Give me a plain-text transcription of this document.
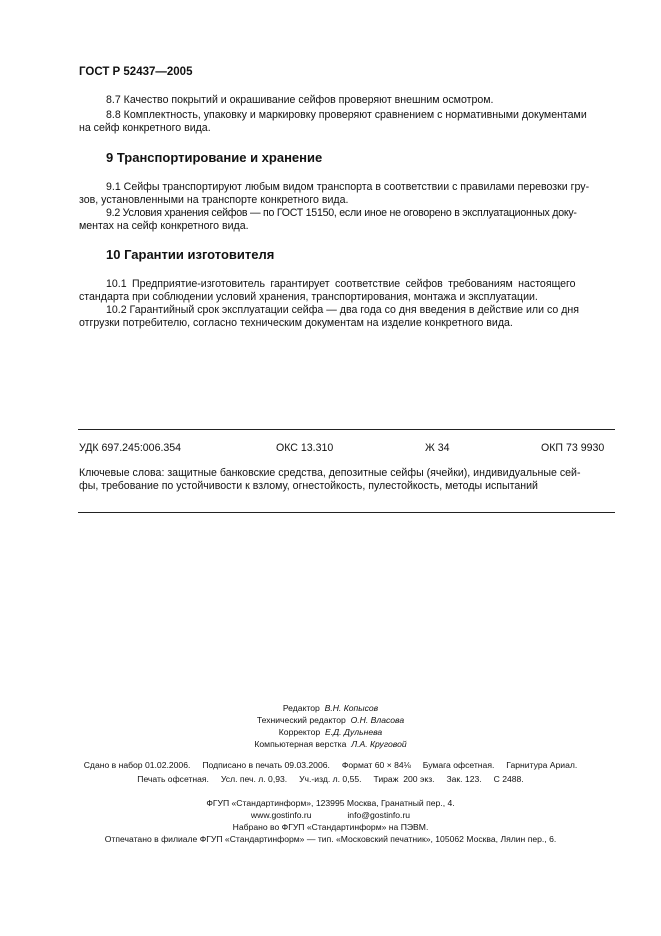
ГОСТ Р 52437—2005
8.7 Качество покрытий и окрашивание сейфов проверяют внешним осмотром.
8.8 Комплектность, упаковку и маркировку проверяют сравнением с нормативными документами
на сейф конкретного вида.
9 Транспортирование и хранение
9.1 Сейфы транспортируют любым видом транспорта в соответствии с правилами перевозки гру-
зов, установленными на транспорте конкретного вида.
9.2 Условия хранения сейфов — по ГОСТ 15150, если иное не оговорено в эксплуатационных доку-
ментах на сейф конкретного вида.
10 Гарантии изготовителя
10.1 Предприятие-изготовитель гарантирует соответствие сейфов требованиям настоящего
стандарта при соблюдении условий хранения, транспортирования, монтажа и эксплуатации.
10.2 Гарантийный срок эксплуатации сейфа — два года со дня введения в действие или со дня
отгрузки потребителю, согласно техническим документам на изделие конкретного вида.
УДК 697.245:006.354	ОКС 13.310	Ж 34	ОКП 73 9930
Ключевые слова: защитные банковские средства, депозитные сейфы (ячейки), индивидуальные сей-
фы, требование по устойчивости к взлому, огнестойкость, пулестойкость, методы испытаний
Редактор В.Н. Копысов
Технический редактор О.Н. Власова
Корректор Е.Д. Дульнева
Компьютерная верстка Л.А. Круговой
Сдано в набор 01.02.2006.     Подписано в печать 09.03.2006.     Формат 60 × 84⅛     Бумага офсетная.     Гарнитура Ариал.
Печать офсетная.     Усл. печ. л. 0,93.     Уч.-изд. л. 0,55.     Тираж  200 экз.     Зак. 123.     С 2488.
ФГУП «Стандартинформ», 123995 Москва, Гранатный пер., 4.
www.gostinfo.ru               info@gostinfo.ru
Набрано во ФГУП «Стандартинформ» на ПЭВМ.
Отпечатано в филиале ФГУП «Стандартинформ» — тип. «Московский печатник», 105062 Москва, Лялин пер., 6.
